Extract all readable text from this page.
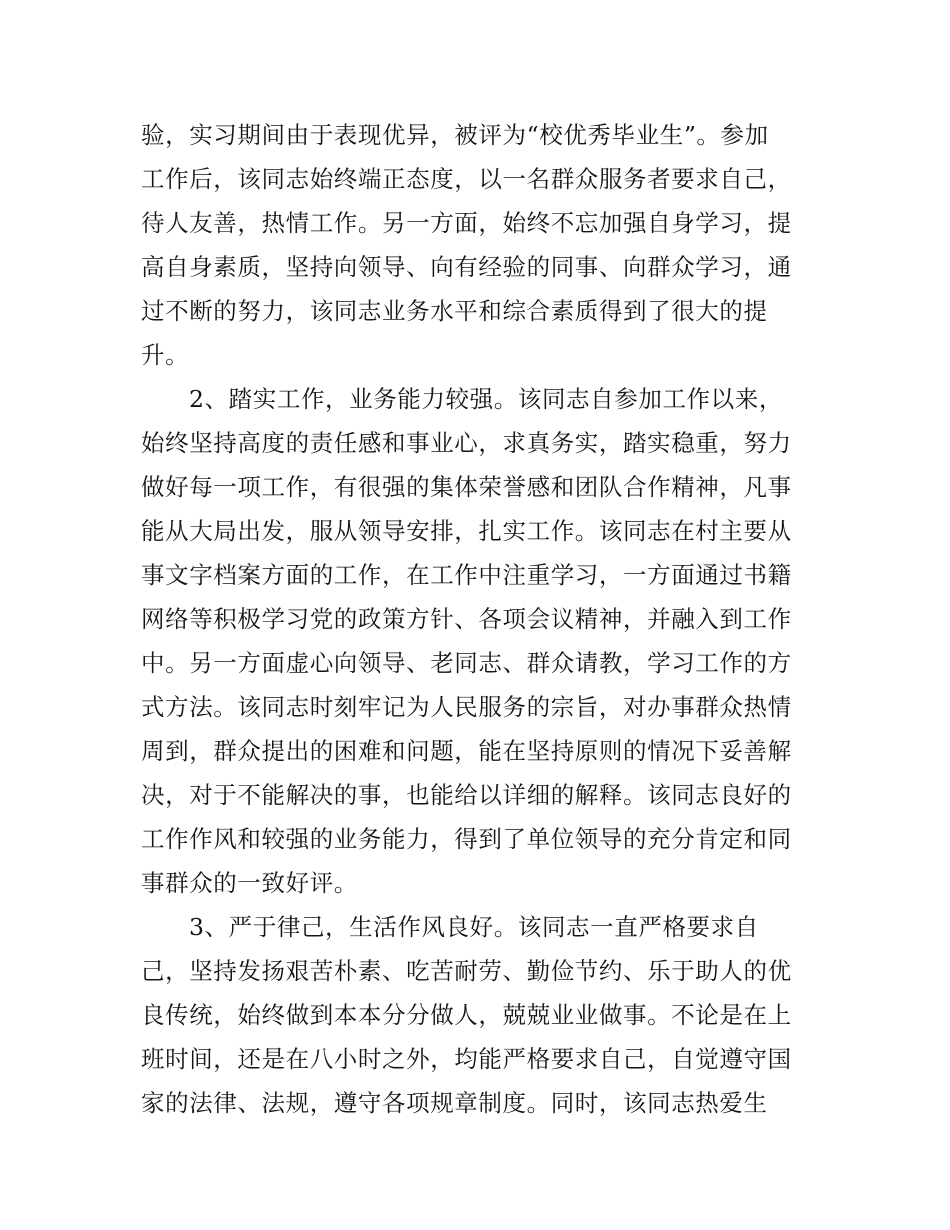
验，实习期间由于表现优异，被评为“校优秀毕业生”。参加
工作后，该同志始终端正态度，以一名群众服务者要求自己，
待人友善，热情工作。另一方面，始终不忘加强自身学习，提
高自身素质，坚持向领导、向有经验的同事、向群众学习，通
过不断的努力，该同志业务水平和综合素质得到了很大的提
升。
2、踏实工作，业务能力较强。该同志自参加工作以来，
始终坚持高度的责任感和事业心，求真务实，踏实稳重，努力
做好每一项工作，有很强的集体荣誉感和团队合作精神，凡事
能从大局出发，服从领导安排，扎实工作。该同志在村主要从
事文字档案方面的工作，在工作中注重学习，一方面通过书籍
网络等积极学习党的政策方针、各项会议精神，并融入到工作
中。另一方面虚心向领导、老同志、群众请教，学习工作的方
式方法。该同志时刻牢记为人民服务的宗旨，对办事群众热情
周到，群众提出的困难和问题，能在坚持原则的情况下妥善解
决，对于不能解决的事，也能给以详细的解释。该同志良好的
工作作风和较强的业务能力，得到了单位领导的充分肯定和同
事群众的一致好评。
3、严于律己，生活作风良好。该同志一直严格要求自
己，坚持发扬艰苦朴素、吃苦耐劳、勤俭节约、乐于助人的优
良传统，始终做到本本分分做人，兢兢业业做事。不论是在上
班时间，还是在八小时之外，均能严格要求自己，自觉遵守国
家的法律、法规，遵守各项规章制度。同时，该同志热爱生
